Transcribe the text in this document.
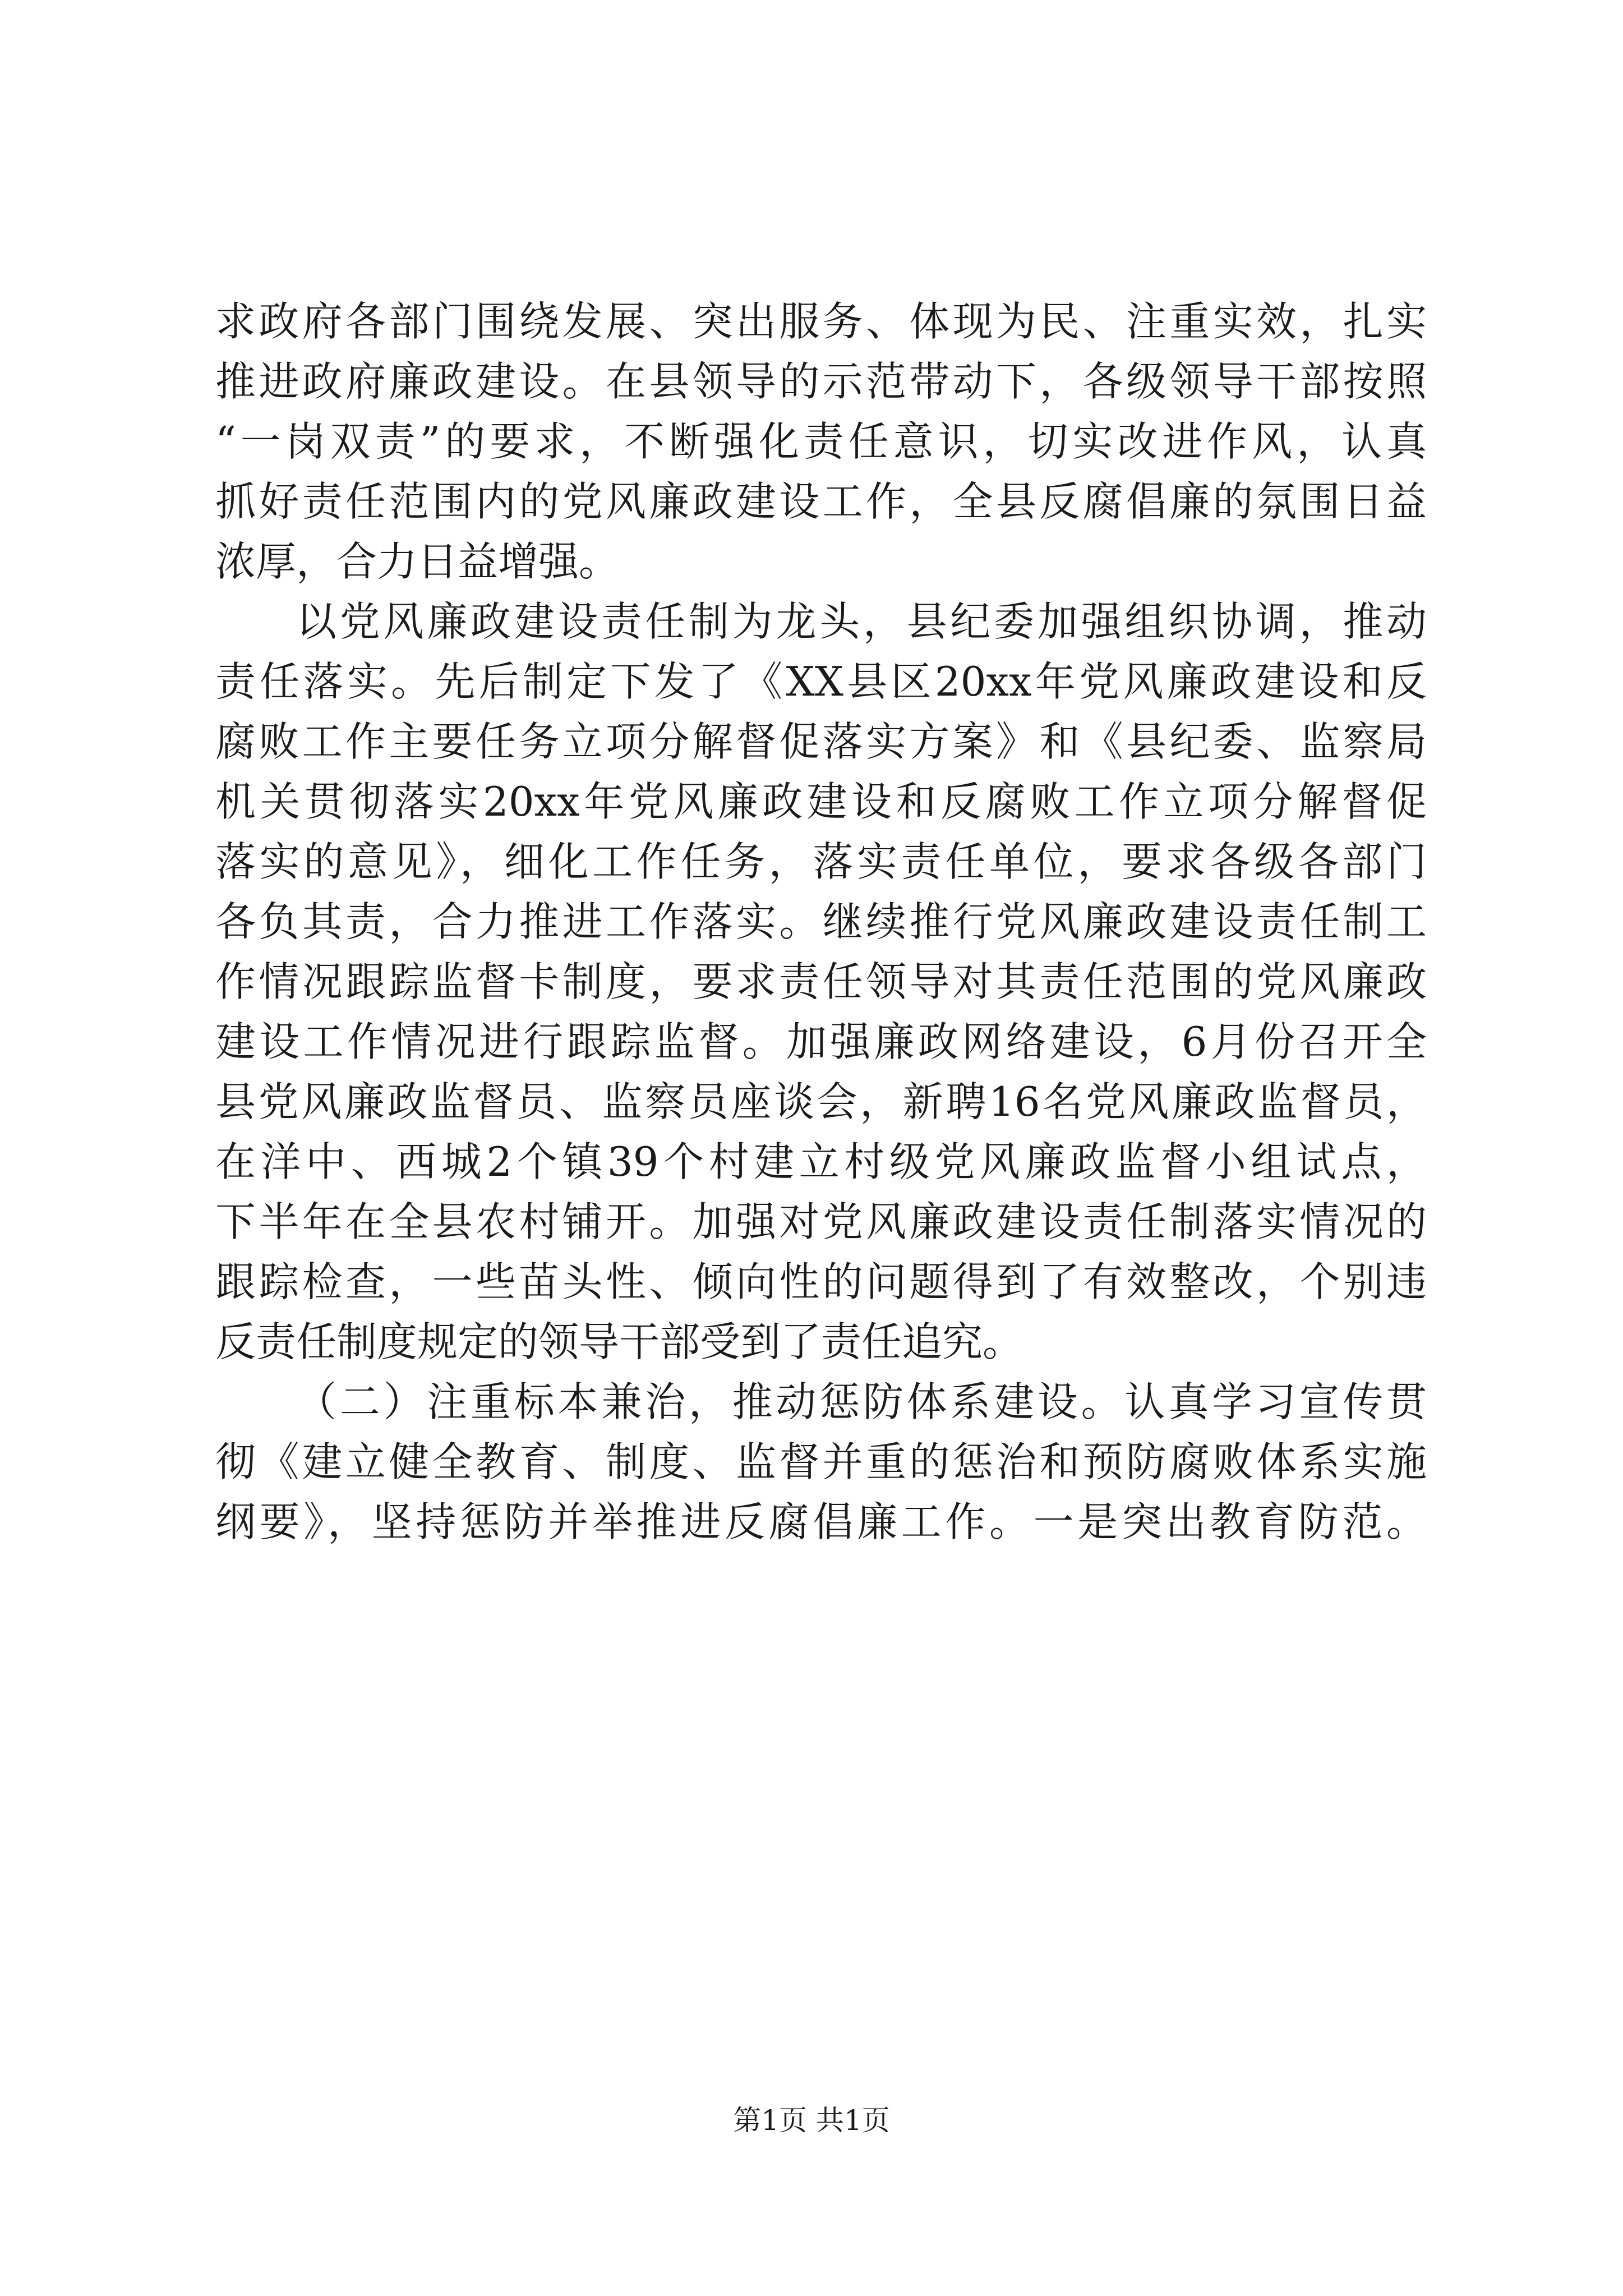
求政府各部门围绕发展、突出服务、体现为民、注重实效，扎实
推进政府廉政建设。在县领导的示范带动下，各级领导干部按照
“一岗双责”的要求，不断强化责任意识，切实改进作风，认真
抓好责任范围内的党风廉政建设工作，全县反腐倡廉的氛围日益
浓厚，合力日益增强。
以党风廉政建设责任制为龙头，县纪委加强组织协调，推动
责任落实。先后制定下发了《XX县区20xx年党风廉政建设和反
腐败工作主要任务立项分解督促落实方案》和《县纪委、监察局
机关贯彻落实20xx年党风廉政建设和反腐败工作立项分解督促
落实的意见》，细化工作任务，落实责任单位，要求各级各部门
各负其责，合力推进工作落实。继续推行党风廉政建设责任制工
作情况跟踪监督卡制度，要求责任领导对其责任范围的党风廉政
建设工作情况进行跟踪监督。加强廉政网络建设，6月份召开全
县党风廉政监督员、监察员座谈会，新聘16名党风廉政监督员，
在洋中、西城2个镇39个村建立村级党风廉政监督小组试点，
下半年在全县农村铺开。加强对党风廉政建设责任制落实情况的
跟踪检查，一些苗头性、倾向性的问题得到了有效整改，个别违
反责任制度规定的领导干部受到了责任追究。
（二）注重标本兼治，推动惩防体系建设。认真学习宣传贯
彻《建立健全教育、制度、监督并重的惩治和预防腐败体系实施
纲要》，坚持惩防并举推进反腐倡廉工作。一是突出教育防范。
第1页 共1页
